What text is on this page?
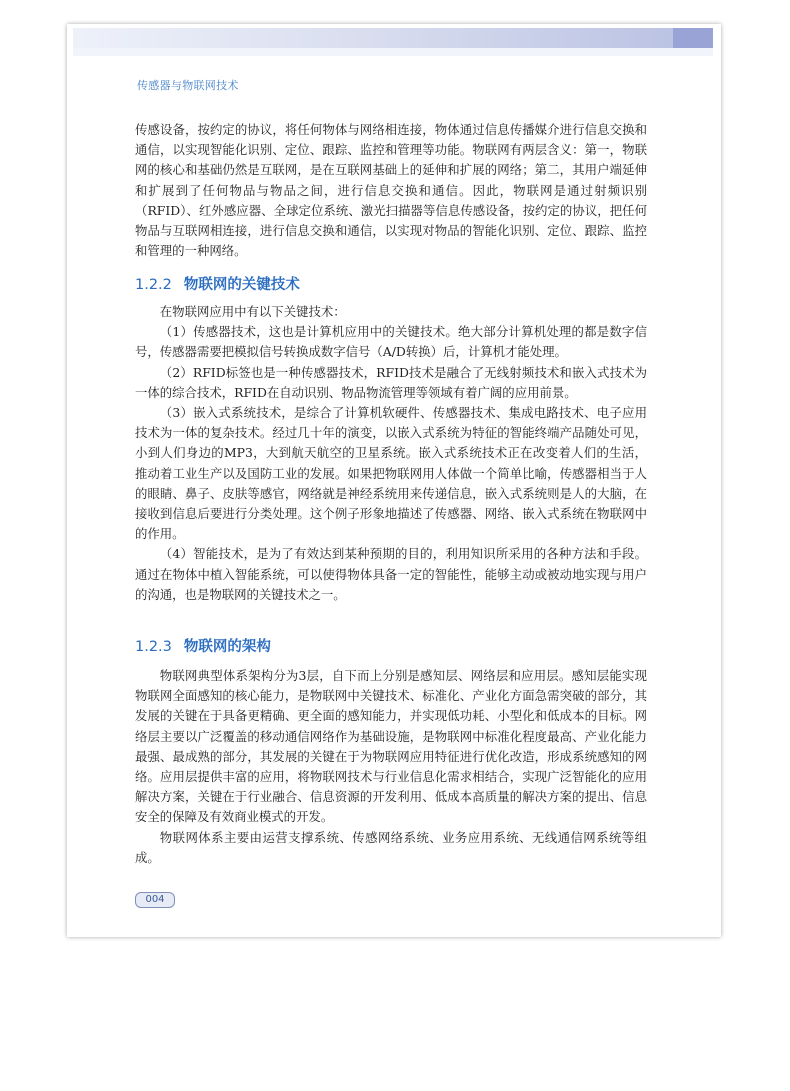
传感器与物联网技术

传感设备，按约定的协议，将任何物体与网络相连接，物体通过信息传播媒介进行信息交换和通信，以实现智能化识别、定位、跟踪、监控和管理等功能。物联网有两层含义：第一，物联网的核心和基础仍然是互联网，是在互联网基础上的延伸和扩展的网络；第二，其用户端延伸和扩展到了任何物品与物品之间，进行信息交换和通信。因此，物联网是通过射频识别（RFID）、红外感应器、全球定位系统、激光扫描器等信息传感设备，按约定的协议，把任何物品与互联网相连接，进行信息交换和通信，以实现对物品的智能化识别、定位、跟踪、监控和管理的一种网络。

1.2.2 物联网的关键技术

在物联网应用中有以下关键技术：

（1）传感器技术，这也是计算机应用中的关键技术。绝大部分计算机处理的都是数字信号，传感器需要把模拟信号转换成数字信号（A/D转换）后，计算机才能处理。

（2）RFID标签也是一种传感器技术，RFID技术是融合了无线射频技术和嵌入式技术为一体的综合技术，RFID在自动识别、物品物流管理等领域有着广阔的应用前景。

（3）嵌入式系统技术，是综合了计算机软硬件、传感器技术、集成电路技术、电子应用技术为一体的复杂技术。经过几十年的演变，以嵌入式系统为特征的智能终端产品随处可见，小到人们身边的MP3，大到航天航空的卫星系统。嵌入式系统技术正在改变着人们的生活，推动着工业生产以及国防工业的发展。如果把物联网用人体做一个简单比喻，传感器相当于人的眼睛、鼻子、皮肤等感官，网络就是神经系统用来传递信息，嵌入式系统则是人的大脑，在接收到信息后要进行分类处理。这个例子形象地描述了传感器、网络、嵌入式系统在物联网中的作用。

（4）智能技术，是为了有效达到某种预期的目的，利用知识所采用的各种方法和手段。通过在物体中植入智能系统，可以使得物体具备一定的智能性，能够主动或被动地实现与用户的沟通，也是物联网的关键技术之一。

1.2.3 物联网的架构

物联网典型体系架构分为3层，自下而上分别是感知层、网络层和应用层。感知层能实现物联网全面感知的核心能力，是物联网中关键技术、标准化、产业化方面急需突破的部分，其发展的关键在于具备更精确、更全面的感知能力，并实现低功耗、小型化和低成本的目标。网络层主要以广泛覆盖的移动通信网络作为基础设施，是物联网中标准化程度最高、产业化能力最强、最成熟的部分，其发展的关键在于为物联网应用特征进行优化改造，形成系统感知的网络。应用层提供丰富的应用，将物联网技术与行业信息化需求相结合，实现广泛智能化的应用解决方案，关键在于行业融合、信息资源的开发利用、低成本高质量的解决方案的提出、信息安全的保障及有效商业模式的开发。

物联网体系主要由运营支撑系统、传感网络系统、业务应用系统、无线通信网系统等组成。

004
